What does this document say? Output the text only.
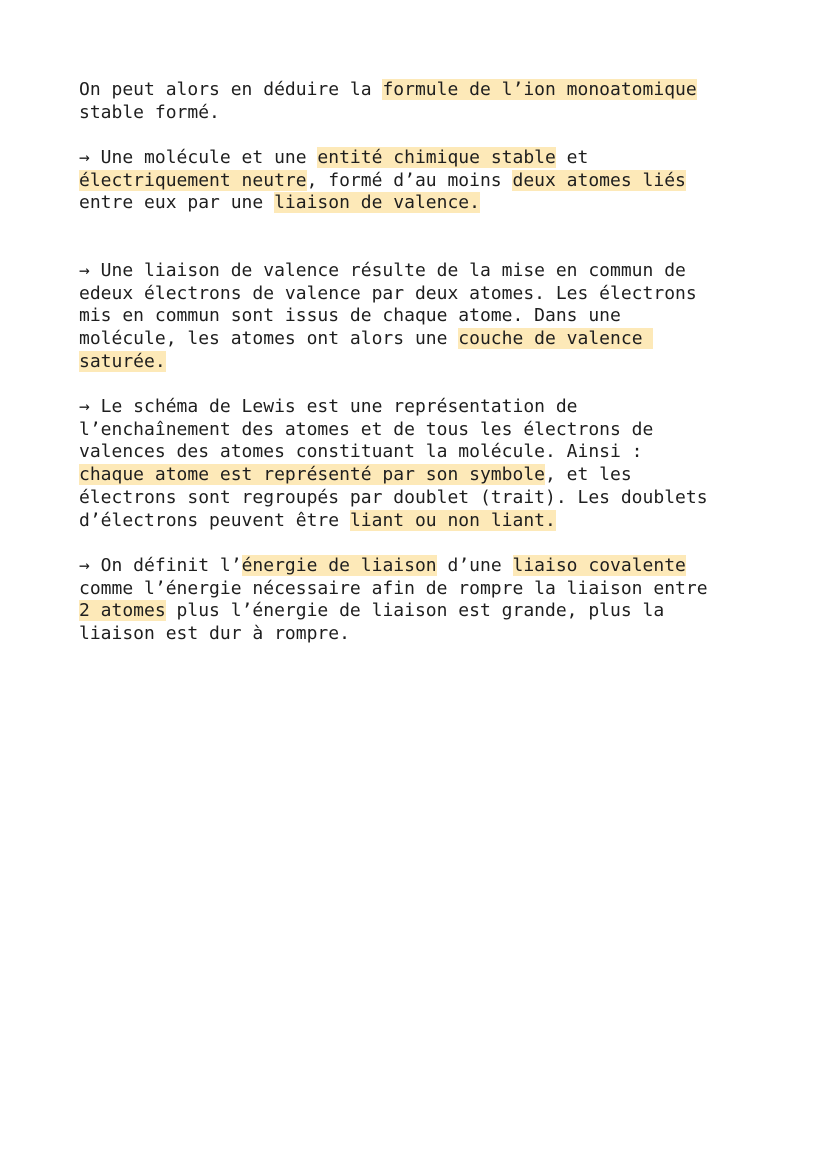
On peut alors en déduire la formule de l’ion monoatomique
stable formé.

→ Une molécule et une entité chimique stable et
électriquement neutre, formé d’au moins deux atomes liés
entre eux par une liaison de valence.

→ Une liaison de valence résulte de la mise en commun de
edeux électrons de valence par deux atomes. Les électrons
mis en commun sont issus de chaque atome. Dans une
molécule, les atomes ont alors une couche de valence
saturée.

→ Le schéma de Lewis est une représentation de
l’enchaînement des atomes et de tous les électrons de
valences des atomes constituant la molécule. Ainsi :
chaque atome est représenté par son symbole, et les
électrons sont regroupés par doublet (trait). Les doublets
d’électrons peuvent être liant ou non liant.

→ On définit l’énergie de liaison d’une liaiso covalente
comme l’énergie nécessaire afin de rompre la liaison entre
2 atomes plus l’énergie de liaison est grande, plus la
liaison est dur à rompre.
